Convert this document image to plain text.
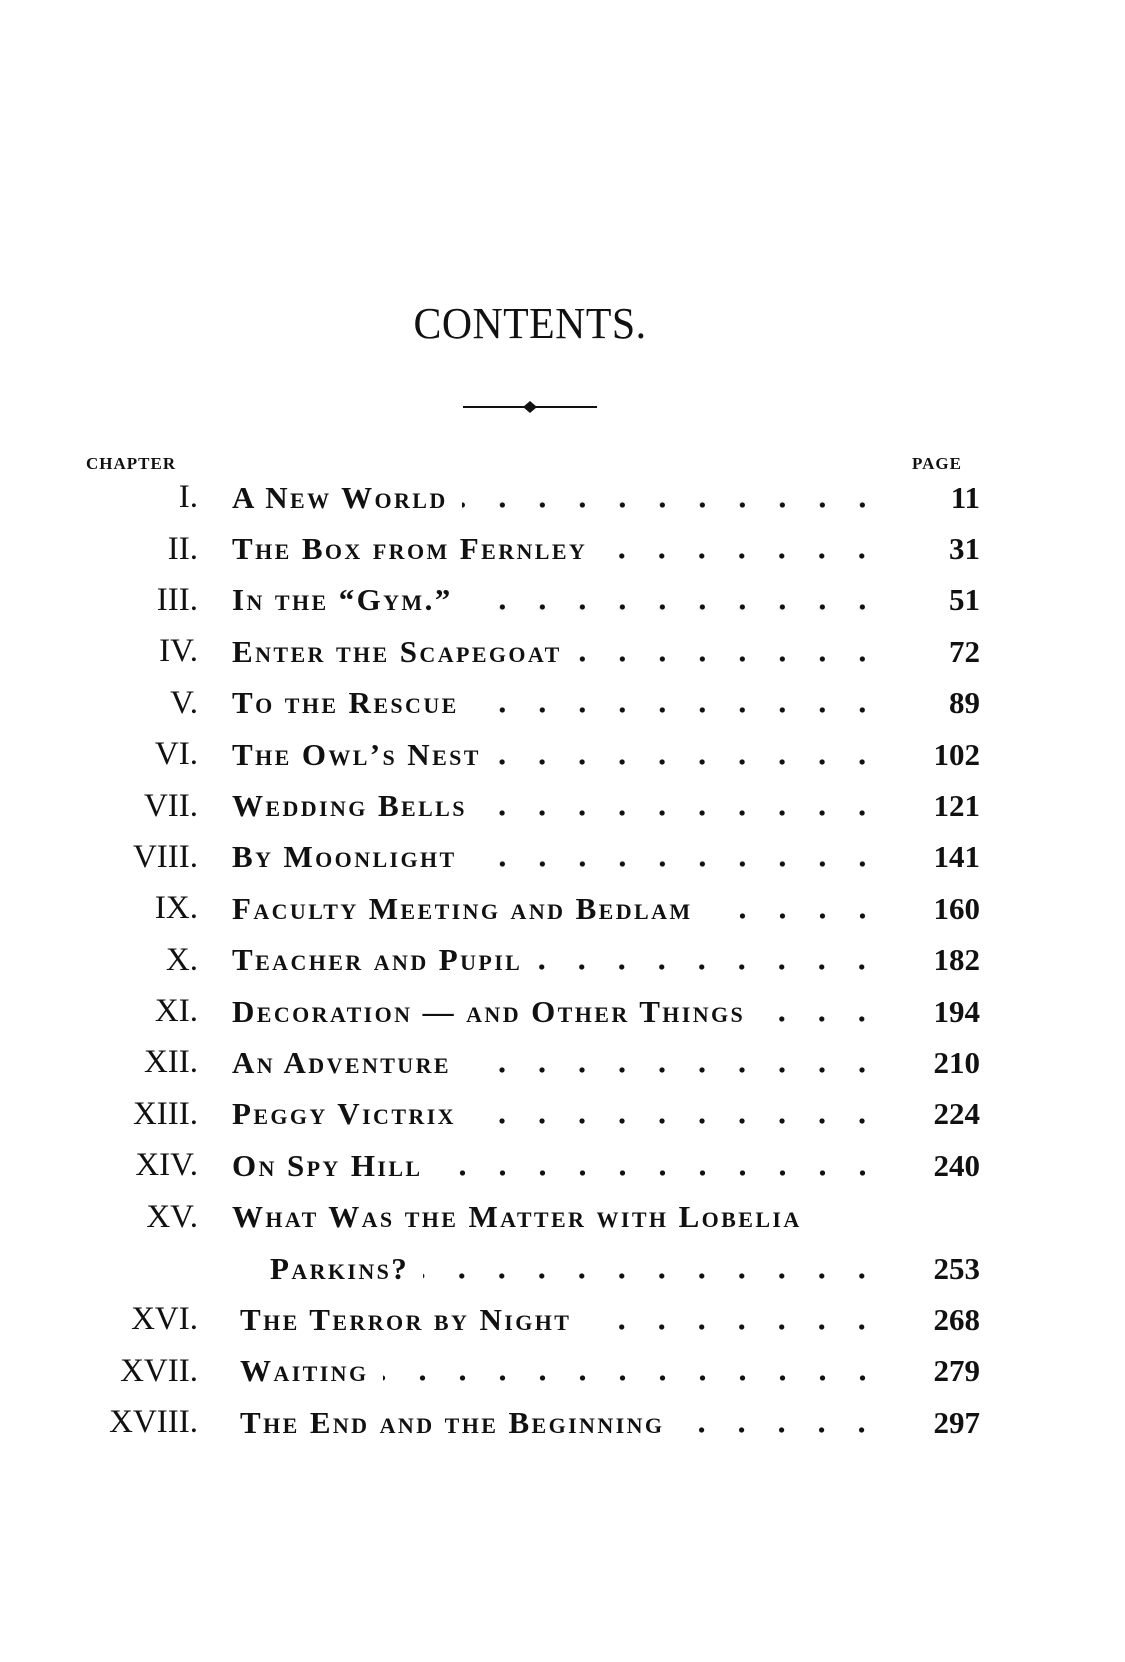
CONTENTS.
CHAPTER	PAGE
I. A New World	11
II. The Box from Fernley	31
III. In the “Gym.”	51
IV. Enter the Scapegoat	72
V. To the Rescue	89
VI. The Owl’s Nest	102
VII. Wedding Bells	121
VIII. By Moonlight	141
IX. Faculty Meeting and Bedlam	160
X. Teacher and Pupil	182
XI. Decoration — and Other Things	194
XII. An Adventure	210
XIII. Peggy Victrix	224
XIV. On Spy Hill	240
XV. What Was the Matter with Lobelia
Parkins?	253
XVI. The Terror by Night	268
XVII. Waiting	279
XVIII. The End and the Beginning	297
